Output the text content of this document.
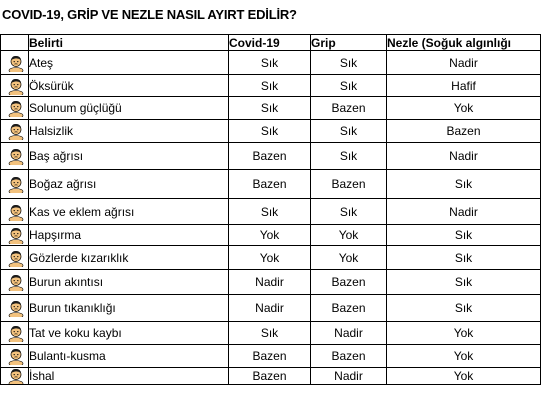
COVID-19, GRİP VE NEZLE NASIL AYIRT EDİLİR?
	Belirti	Covid-19	Grip	Nezle (Soğuk algınlığı

	Ateş	Sık	Sık	Nadir

	Öksürük	Sık	Sık	Hafif

	Solunum güçlüğü	Sık	Bazen	Yok

	Halsizlik	Sık	Sık	Bazen

	Baş ağrısı	Bazen	Sık	Nadir

	Boğaz ağrısı	Bazen	Bazen	Sık

	Kas ve eklem ağrısı	Sık	Sık	Nadir

	Hapşırma	Yok	Yok	Sık

	Gözlerde kızarıklık	Yok	Yok	Sık

	Burun akıntısı	Nadir	Bazen	Sık

	Burun tıkanıklığı	Nadir	Bazen	Sık

	Tat ve koku kaybı	Sık	Nadir	Yok

	Bulantı-kusma	Bazen	Bazen	Yok

	İshal	Bazen	Nadir	Yok
